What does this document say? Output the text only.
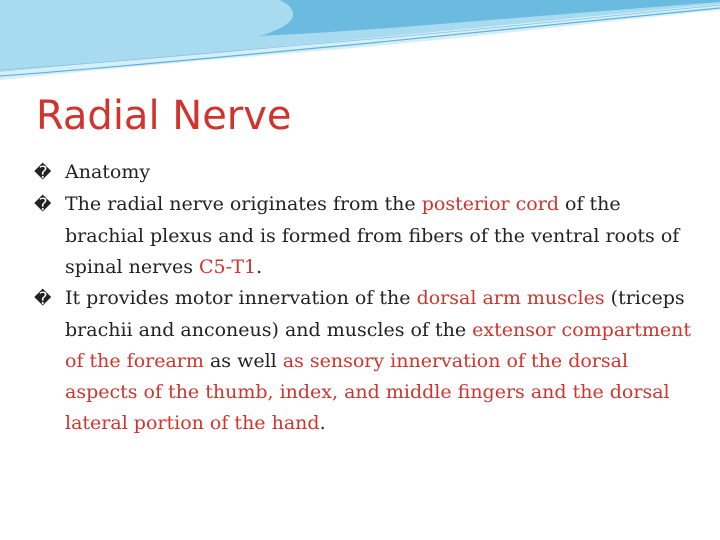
Radial Nerve

� Anatomy

� The radial nerve originates from the posterior cord of the brachial plexus and is formed from fibers of the ventral roots of spinal nerves C5-T1.

� It provides motor innervation of the dorsal arm muscles (triceps brachii and anconeus) and muscles of the extensor compartment of the forearm as well as sensory innervation of the dorsal aspects of the thumb, index, and middle fingers and the dorsal lateral portion of the hand.
